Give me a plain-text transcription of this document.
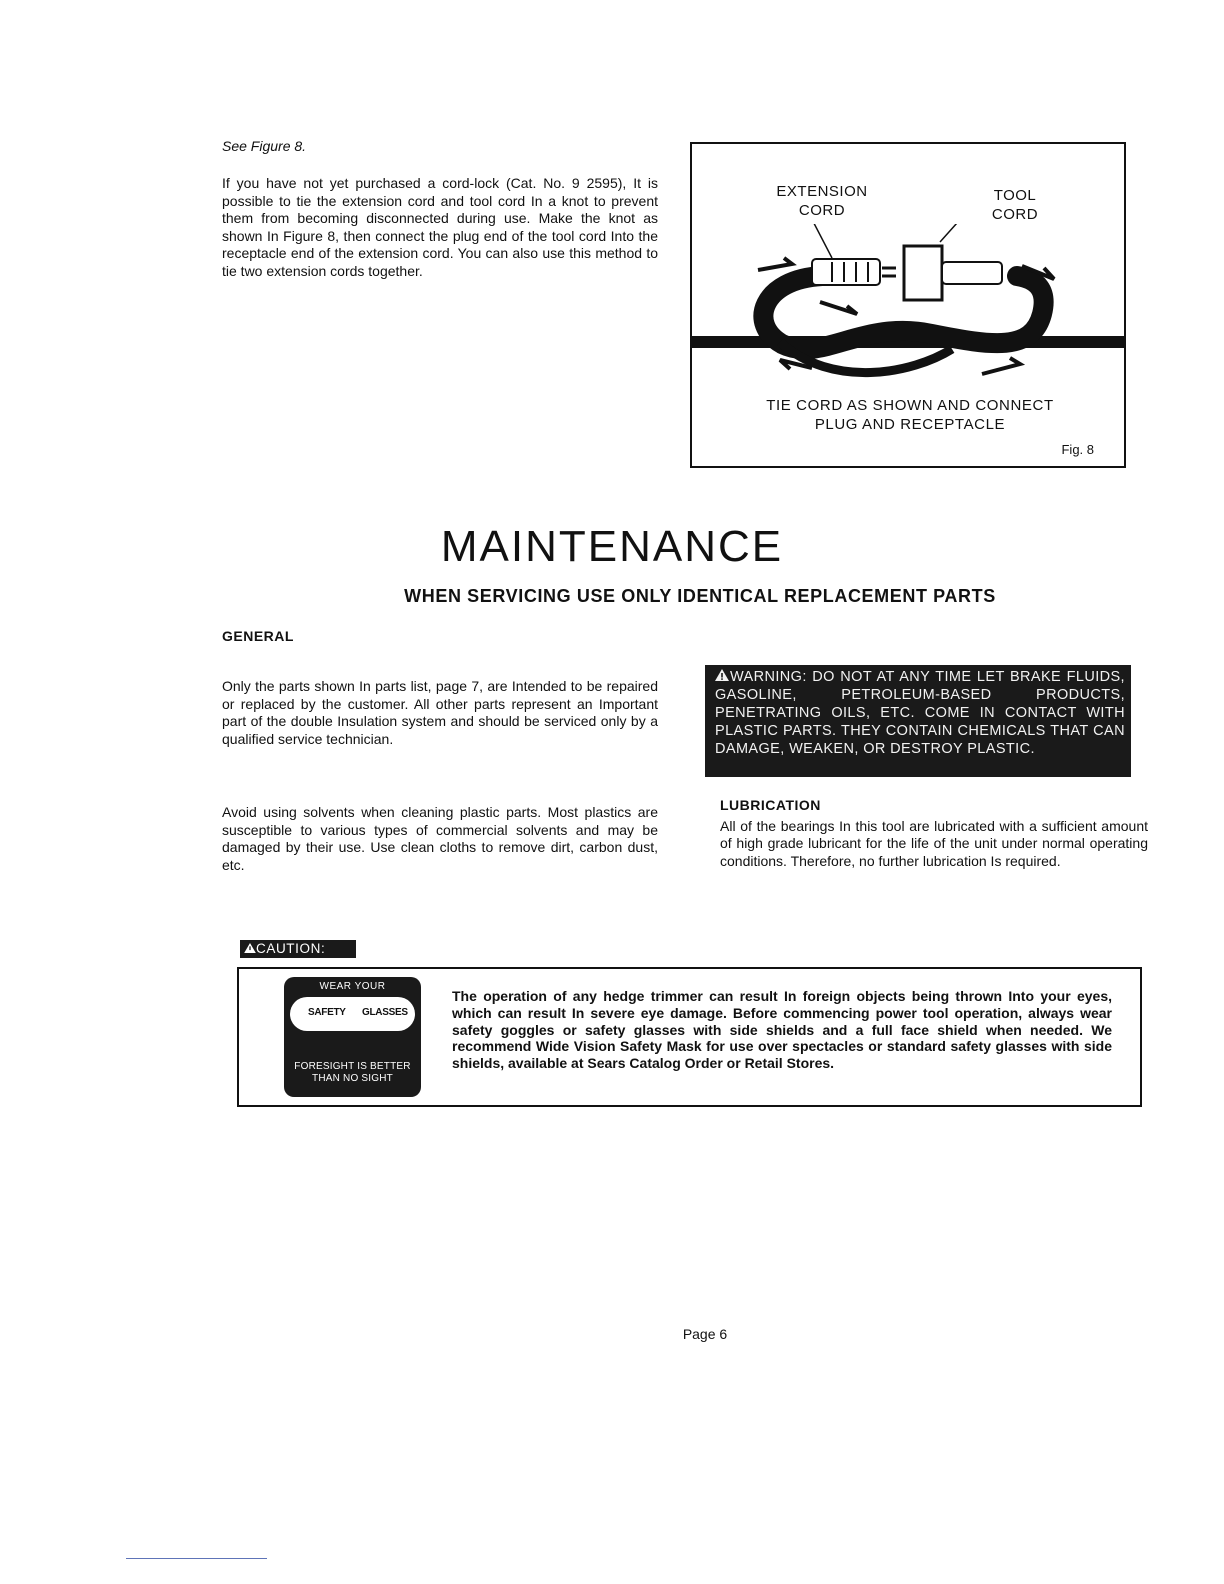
See Figure 8.
If you have not yet purchased a cord-lock (Cat. No. 9 2595), It is possible to tie the extension cord and tool cord In a knot to prevent them from becoming disconnected during use. Make the knot as shown In Figure 8, then connect the plug end of the tool cord Into the receptacle end of the extension cord. You can also use this method to tie two extension cords together.
EXTENSION
CORD
TOOL
CORD
TIE CORD AS SHOWN AND CONNECT
PLUG AND RECEPTACLE
Fig. 8
MAINTENANCE
WHEN SERVICING USE ONLY IDENTICAL REPLACEMENT PARTS
GENERAL
Only the parts shown In parts list, page 7, are Intended to be repaired or replaced by the customer. All other parts represent an Important part of the double Insulation system and should be serviced only by a qualified service technician.
Avoid using solvents when cleaning plastic parts. Most plastics are susceptible to various types of commercial solvents and may be damaged by their use. Use clean cloths to remove dirt, carbon dust, etc.
WARNING: DO NOT AT ANY TIME LET BRAKE FLUIDS, GASOLINE, PETROLEUM-BASED PRODUCTS, PENETRATING OILS, ETC. COME IN CONTACT WITH PLASTIC PARTS. THEY CONTAIN CHEMICALS THAT CAN DAMAGE, WEAKEN, OR DESTROY PLASTIC.
LUBRICATION
All of the bearings In this tool are lubricated with a sufficient amount of high grade lubricant for the life of the unit under normal operating conditions. Therefore, no further lubrication Is required.
CAUTION:
WEAR YOUR
SAFETY GLASSES
FORESIGHT IS BETTER
THAN NO SIGHT
The operation of any hedge trimmer can result In foreign objects being thrown Into your eyes, which can result In severe eye damage. Before commencing power tool operation, always wear safety goggles or safety glasses with side shields and a full face shield when needed. We recommend Wide Vision Safety Mask for use over spectacles or standard safety glasses with side shields, available at Sears Catalog Order or Retail Stores.
Page 6
